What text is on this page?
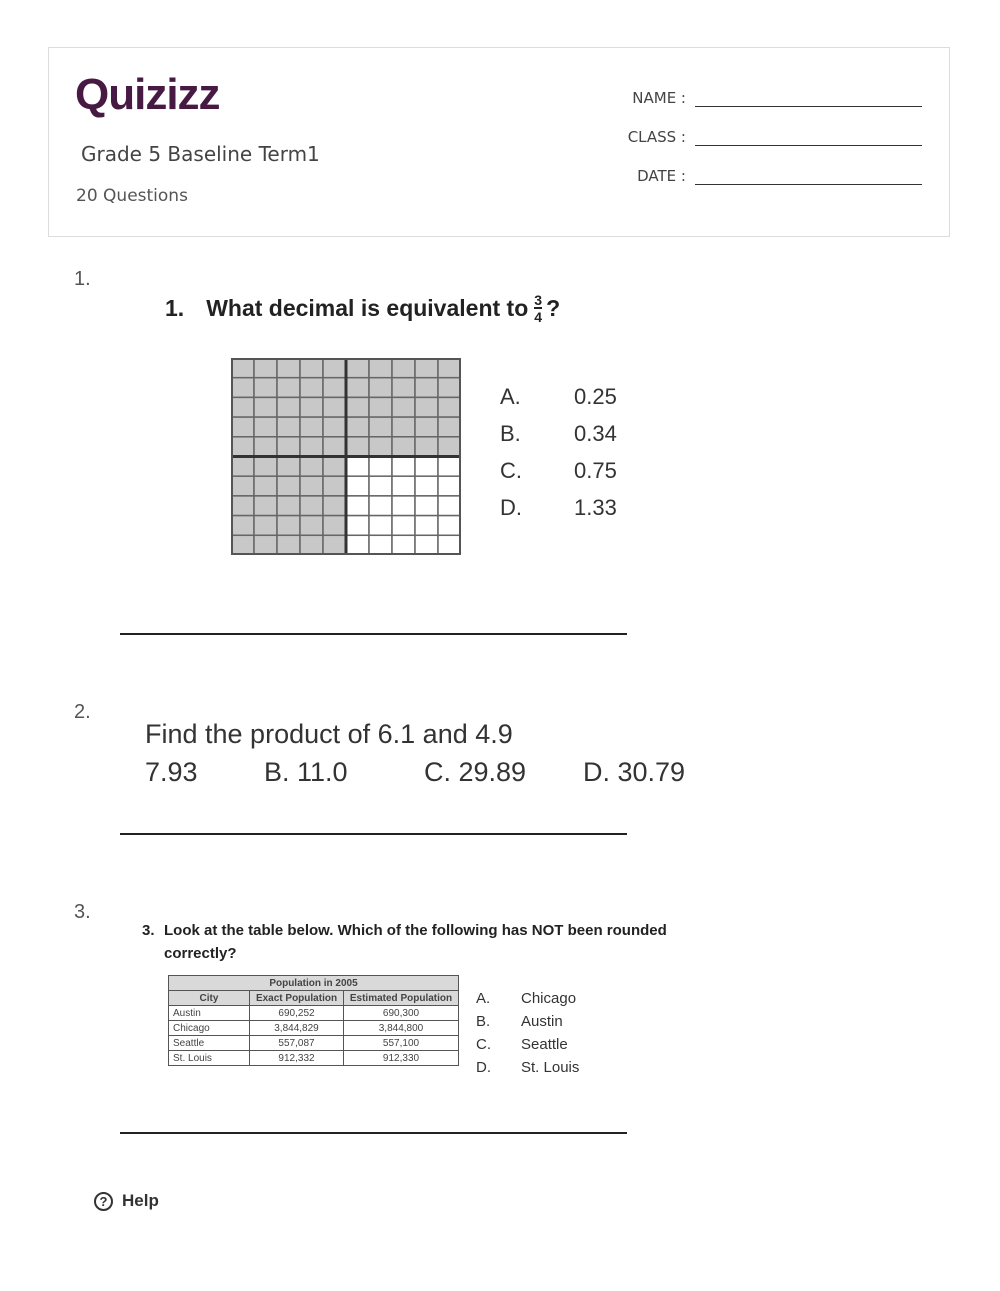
Quizizz
Grade 5 Baseline Term1
20 Questions
NAME :
CLASS :
DATE :
1.
1. What decimal is equivalent to $\frac{3}{4}$ ?
A.	0.25
B.	0.34
C.	0.75
D.	1.33
2.
Find the product of 6.1 and 4.9
7.93 B. 11.0	C. 29.89 D. 30.79
3.
3. Look at the table below. Which of the following has NOT been rounded
correctly?
Population in 2005		
City	Exact Population	Estimated Population
Austin	690,252	690,300
Chicago	3,844,829	3,844,800
Seattle	557,087	557,100
St. Louis	912,332	912,330
A.	Chicago
B.	Austin
C.	Seattle
D.	St. Louis
? Help
